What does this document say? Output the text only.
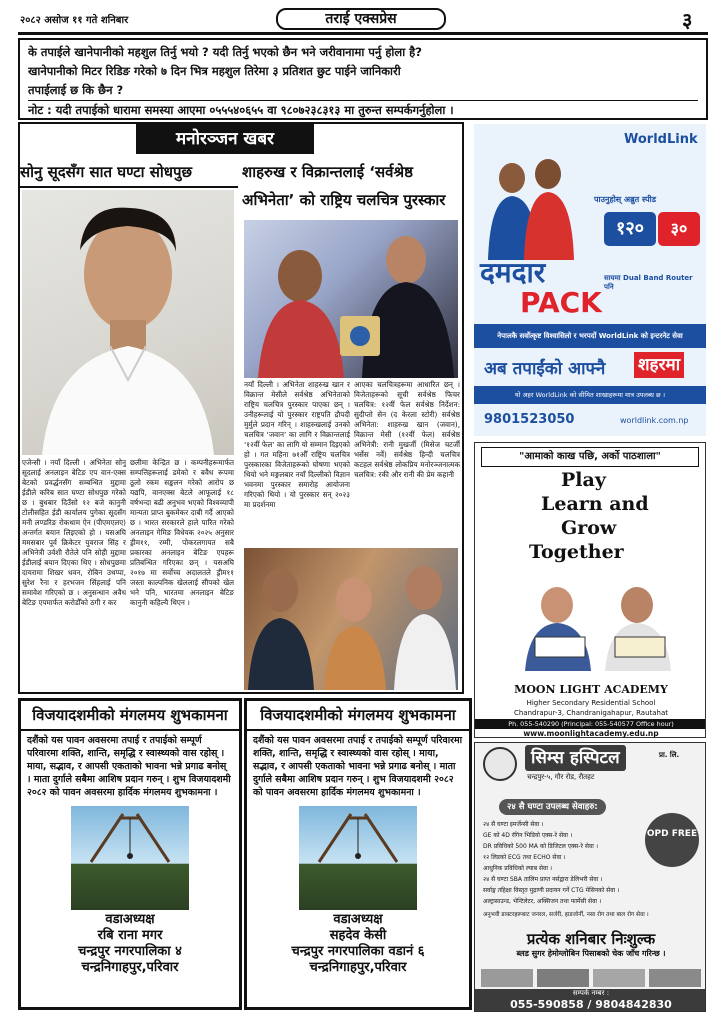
२०८२ असोज ११ गते शनिबार	तराई एक्सप्रेस	३

के तपाईले खानेपानीको महशुल तिर्नु भयो ? यदी तिर्नु भएको छैन भने जरीवानामा पर्नु होला है?

खानेपानीको मिटर रिडिङ गरेको ७ दिन भित्र महशुल तिरेमा ३ प्रतिशत छुट पाईने जानिकारी

तपाईलाई छ कि छैन ?

नोट : यदी तपाईको धारामा समस्या आएमा ०५५५४०६५५ वा ९८०७२३८३१३ मा तुरुन्त सम्पर्कगर्नुहोला ।

मनोरञ्जन खबर
सोनु सूदसँग सात घण्टा सोधपुछ
एजेन्सी । नयाँ दिल्ली । अभिनेता सोनु सूदलाई अनलाइन बेटिङ एप वान-एक्स बेटको प्रवर्द्धनसँग सम्बन्धित मुद्दामा ईडीले करिब सात घण्टा सोधपुछ गरेको छ । बुधबार दिउँसो १२ बजे कानुनी टोलीसहित ईडी कार्यालय पुगेका सूदसँग मनी लण्डरिङ रोकथाम ऐन (पीएमएलए) अन्तर्गत बयान लिइएको हो । यसअघि ममसबार पूर्व क्रिकेटर युवराज सिंह र अभिनेत्री उर्वशी रौतेले पनि सोही मुद्दामा ईडीलाई बयान दिएका थिए । सोधपुछमा दायरामा शिखर धवन, रोबिन उथप्पा, सुरेश रैना र हरभजन सिंहलाई पनि समावेश गरिएको छ । अनुसन्धान अवैध बेटिङ एपमार्फत करोडौँको ठगी र कर
छलीमा केन्द्रित छ । कम्पनीहरूमार्फत सम्पत्तिहरूलाई डमेको र बवैध रूपमा ठूलो रकम सङ्कलन गरेको आरोप छ यद्यपि, वानएक्स बेटले आफूलाई १८ वर्षभन्दा बढी अनुभव भएको विश्वव्यापी मान्यता प्राप्त बुकमेकर दाबी गर्दै आएको छ । भारत सरकारले हाले पारित गरेको अनलाइन गेमिङ विधेयक २०२५ अनुसार ड्रीम११, रम्मी, पोकरलगायत सबै प्रकारका अनलाइन बेटिङ एपहरू प्रतिबन्धित गरिएका छन् । यसअघि २०१७ मा सर्वोच्च अदालतले ड्रीम११ जस्ता काल्पनिक खेललाई सीपको खेल भने पनि, भारतमा अनलाइन बेटिङ कानुनी कहिल्यै थिएन ।
शाहरुख र विक्रान्तलाई ‘सर्वश्रेष्ठ अभिनेता’ को राष्ट्रिय चलचित्र पुरस्कार
नयाँ दिल्ली । अभिनेता शाहरुख खान र विक्रान्त मेसीले सर्वश्रेष्ठ अभिनेताको राष्ट्रिय चलचित्र पुरस्कार पाएका छन् । उनीहरूलाई यो पुरस्कार राष्ट्रपति द्रौपदी मुर्मुले प्रदान गरिन् । शाहरुखलाई उनको चलचित्र ‘जवान’ का लागि र विक्रान्तलाई ‘१२वीं फेल’ का लागि यो सम्मान दिइएको हो । गत महिना ७१औँ राष्ट्रिय चलचित्र पुरस्कारका विजेताहरूको घोषणा भएको थियो भने मङ्गलबार नयाँ दिल्लीको विज्ञान भवनमा पुरस्कार समारोह आयोजना गरिएको थियो । यो पुरस्कार सन् २०२३ मा प्रदर्शनमा
आएका चलचित्रहरूमा आधारित छन् । विजेताहरूको सूची सर्वश्रेष्ठ फिचर चलचित्र: १२वीं फेल सर्वश्रेष्ठ निर्देशन: सुदीप्तो सेन (द केरला स्टोरी) सर्वश्रेष्ठ अभिनेता: शाहरुख खान (जवान), विक्रान्त मेसी (१२वीं फेल) सर्वश्रेष्ठ अभिनेत्री: रानी मुखर्जी (मिसेज चटर्जी भर्सेस नर्वे) सर्वश्रेष्ठ हिन्दी चलचित्र कटहल सर्वश्रेष्ठ लोकप्रिय मनोरञ्जनात्मक चलचित्र: रकी और रानी की प्रेम कहानी
WorldLink
पाउनुहोस् अब्रुत स्पीड
१२०	३०
दमदार
PACK
सायमा Dual Band Router पनि
नेपालकै सर्वोत्कृष्ट विश्वासिलो र भरपर्दो WorldLink को इन्टरनेट सेवा
अब तपाईंको आफ्नै शहरमा
यो अहर WorldLink को सीमित शाखाहरूमा मात्र उपलब्ध छ ।
9801523050	worldlink.com.np
"आमाको काख पछि, अर्को पाठशाला"
Play
Learn and
Grow
Together
MOON LIGHT ACADEMY
Higher Secondary Residential School
Chandrapur-3, Chandranigahapur, Rautahat
Ph. 055-540290 (Principal: 055-540577 Office hour)
www.moonlightacademy.edu.np
सिम्स हस्पिटल	प्रा. लि.
चन्द्रपुर-५, गौर रोड, रौतहट
२४ सै घण्टा उपलब्ध सेवाहरु:
OPD FREE
२४ सै घण्टा इमर्जेन्सी सेवा ।
GE को 4D रंगिन भिडियो एक्स-रे सेवा ।
DR प्रविधिको 500 MA को डिजिटल एक्स-रे सेवा ।
१२ लिडको ECG तथा ECHO सेवा ।
आधुनिक प्रविधिको ल्याब सेवा ।
२४ सै घण्टा SBA तालिम प्राप्त नर्सद्वारा डेलिभरी सेवा ।
सर्वाङ्ग तहिक्षा विस्तृत मुद्राणी प्रदायन गर्ने CTG मेसिनको सेवा ।
अल्ट्रासाउन्ड, भेन्टिलेटर, अक्सिजन तथा फार्मेसी सेवा ।
अनुभवी डाक्टरहरूबाट जनरल, सर्जरी, हाडजोर्नी, नसा रोग तथा बाल रोग सेवा ।
प्रत्येक शनिबार निःशुल्क
ब्लड सुगर हेमोग्लोबिन पिसाबको चेक जाँच गरिन्छ ।
सम्पर्क नम्बर :
055-590858 / 9804842830
विजयादशमीको मंगलमय शुभकामना
दशैंको यस पावन अवसरमा तपाई र तपाईको सम्पूर्ण परिवारमा शक्ति, शान्ति, समृद्धि र स्वास्थ्यको वास रहोस् । माया, सद्भाव, र आपसी एकताको भावना भन्ने प्रगाढ बनोस् । माता दुर्गाले सबैमा आशिष प्रदान गरुन् । शुभ विजयादशमी २०८२ को पावन अवसरमा हार्दिक मंगलमय शुभकामना ।
वडाअध्यक्ष
रबि राना मगर
चन्द्रपुर नगरपालिका ४
चन्द्रनिगाहपुर,परिवार
विजयादशमीको मंगलमय शुभकामना
दशैंको यस पावन अवसरमा तपाई र तपाईको सम्पूर्ण परिवारमा शक्ति, शान्ति, समृद्धि र स्वास्थ्यको वास रहोस् । माया, सद्भाव, र आपसी एकताको भावना भन्ने प्रगाढ बनोस् । माता दुर्गाले सबैमा आशिष प्रदान गरुन् । शुभ विजयादशमी २०८२ को पावन अवसरमा हार्दिक मंगलमय शुभकामना ।
वडाअध्यक्ष
सहदेव केसी
चन्द्रपुर नगरपालिका वडानं ६
चन्द्रनिगाहपुर,परिवार
